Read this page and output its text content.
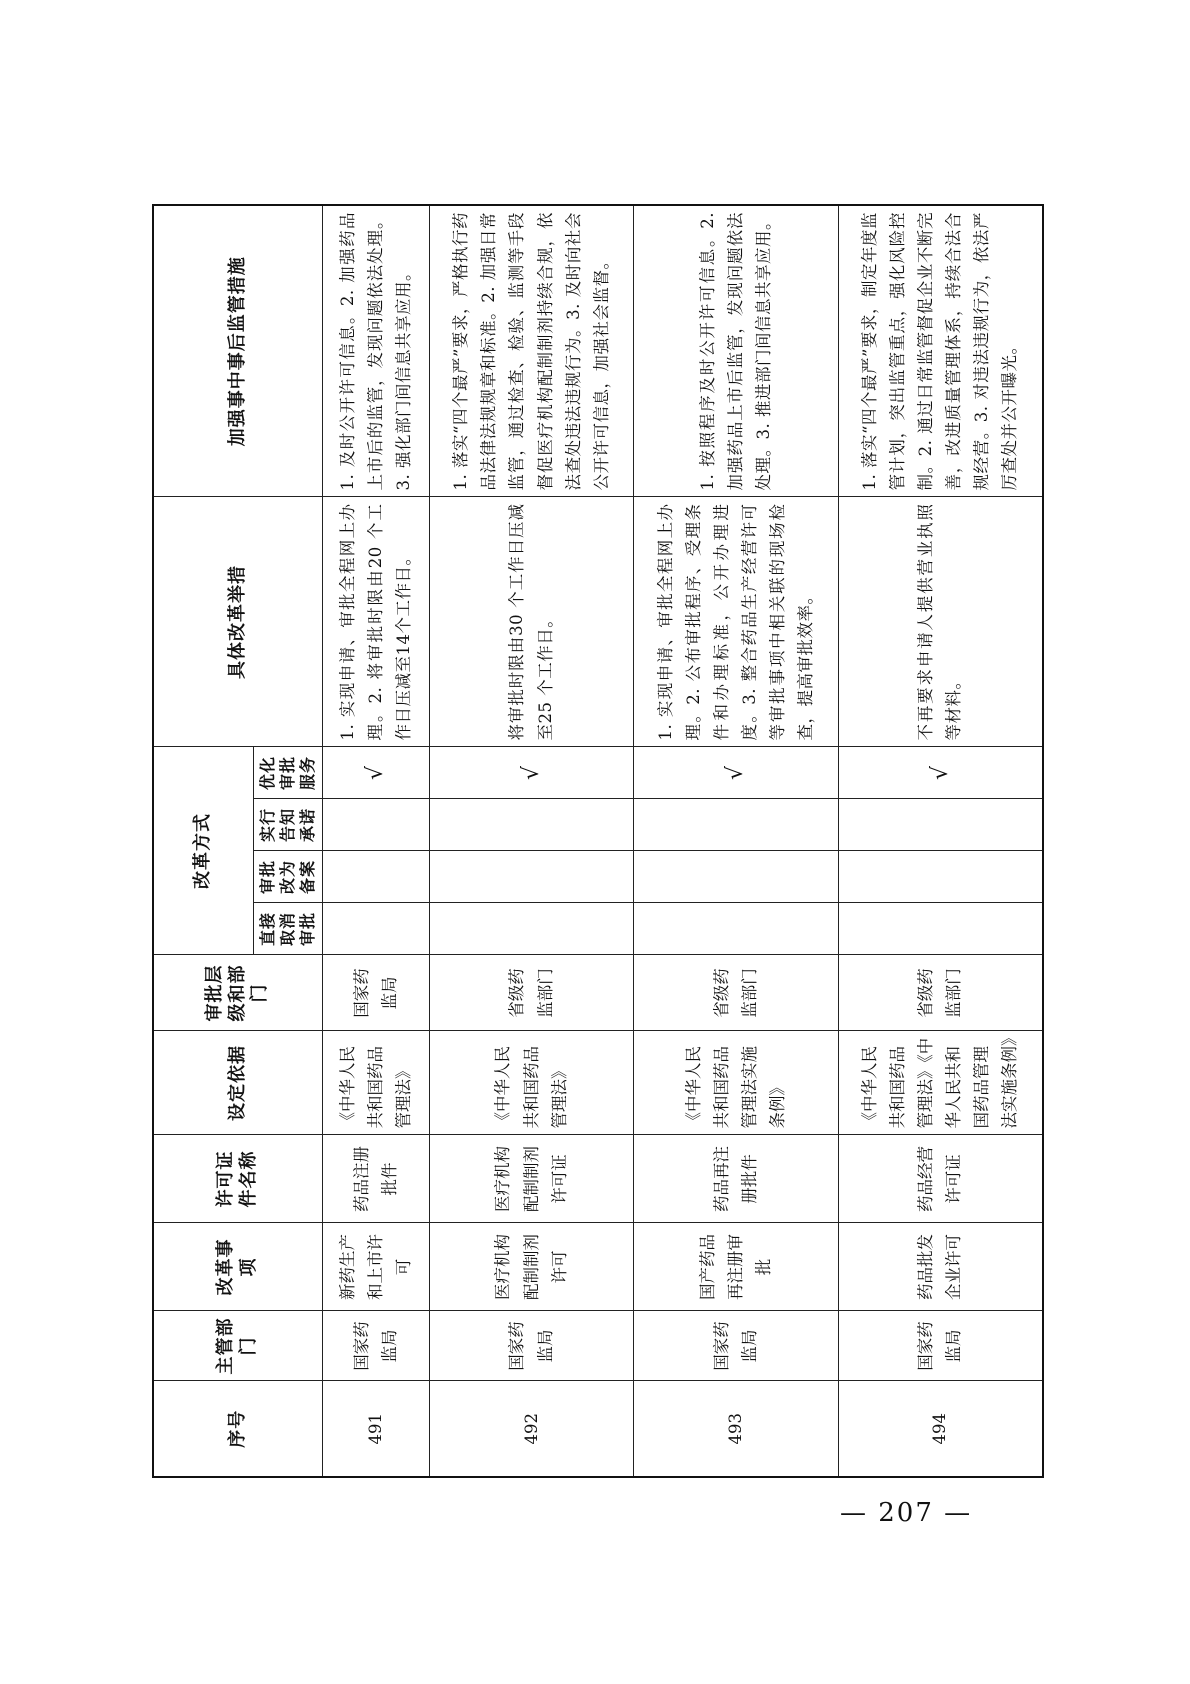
序号	主管部门	改革事项	许可证件名称	设定依据	审批层级和部门	改革方式				具体改革举措	加强事中事后监管措施
						直接取消审批	审批改为备案	实行告知承诺	优化审批服务		
491	国家药监局	新药生产和上市许可	药品注册批件	《中华人民共和国药品管理法》	国家药监局				√	1. 实现申请、审批全程网上办理。2. 将审批时限由20 个工作日压减至14个工作日。	1. 及时公开许可信息。2. 加强药品上市后的监管，发现问题依法处理。3. 强化部门间信息共享应用。
492	国家药监局	医疗机构配制制剂许可	医疗机构配制制剂许可证	《中华人民共和国药品管理法》	省级药监部门				√	将审批时限由30 个工作日压减至25 个工作日。	1. 落实“四个最严”要求，严格执行药品法律法规规章和标准。2. 加强日常监管，通过检查、检验、监测等手段督促医疗机构配制制剂持续合规，依法查处违法违规行为。3. 及时向社会公开许可信息，加强社会监督。
493	国家药监局	国产药品再注册审批	药品再注册批件	《中华人民共和国药品管理法实施条例》	省级药监部门				√	1. 实现申请、审批全程网上办理。2. 公布审批程序、受理条件和办理标准，公开办理进度。3. 整合药品生产经营许可等审批事项中相关联的现场检查，提高审批效率。	1. 按照程序及时公开许可信息。2. 加强药品上市后监管，发现问题依法处理。3. 推进部门间信息共享应用。
494	国家药监局	药品批发企业许可	药品经营许可证	《中华人民共和国药品管理法》《中华人民共和国药品管理法实施条例》	省级药监部门				√	不再要求申请人提供营业执照等材料。	1. 落实“四个最严”要求，制定年度监管计划，突出监管重点，强化风险控制。2. 通过日常监管督促企业不断完善，改进质量管理体系，持续合法合规经营。3. 对违法违规行为，依法严厉查处并公开曝光。
— 207 —
